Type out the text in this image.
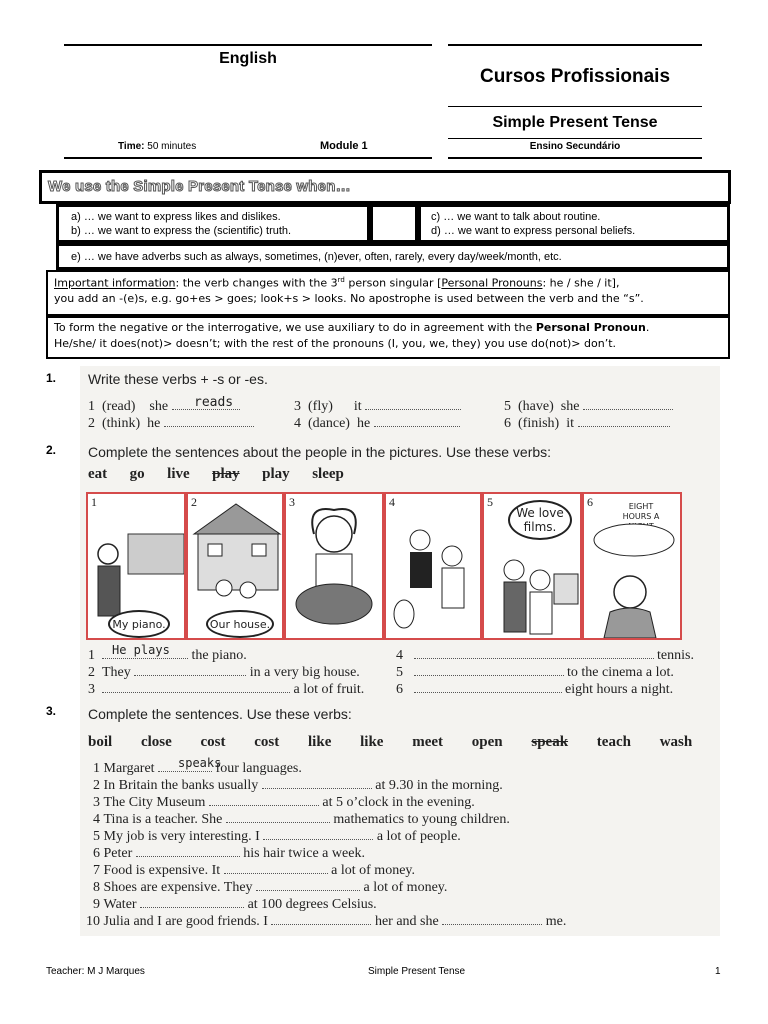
English
Cursos Profissionais
Simple Present Tense
Time: 50 minutes	Module 1	Ensino Secundário
We use the Simple Present Tense when…
a) … we want to express likes and dislikes.
b) … we want to express the (scientific) truth.
c) … we want to talk about routine.
d) … we want to express personal beliefs.
e) … we have adverbs such as always, sometimes, (n)ever, often, rarely, every day/week/month, etc.
Important information: the verb changes with the 3rd person singular [Personal Pronouns: he / she / it],
you add an -(e)s, e.g. go+es > goes; look+s > looks. No apostrophe is used between the verb and the “s”.
To form the negative or the interrogative, we use auxiliary to do in agreement with the Personal Pronoun.
He/she/ it does(not)> doesn’t; with the rest of the pronouns (I, you, we, they) you use do(not)> don’t.
1. Write these verbs + -s or -es.
1 (read) she	reads
2 (think) he
3 (fly) it
4 (dance) he
5 (have) she
6 (finish) it
2. Complete the sentences about the people in the pictures. Use these verbs:
eat go live play play sleep
1
My piano.
2
Our house.
3	4	5
We love films.
6	EIGHT HOURS A
1	the piano.
He plays
2 They	in a very big house.
3	a lot of fruit.
4	tennis.
5	to the cinema a lot.
6	eight hours a night.
3. Complete the sentences. Use these verbs:
boil close cost cost like like meet open speak teach wash
1 Margaret	four languages.
2 In Britain the banks usually	at 9.30 in the morning.
3 The City Museum	at 5 o’clock in the evening.
4 Tina is a teacher. She	mathematics to young children.
5 My job is very interesting. I	a lot of people.
6 Peter	his hair twice a week.
7 Food is expensive. It	a lot of money.
8 Shoes are expensive. They	a lot of money.
9 Water	at 100 degrees Celsius.
10 Julia and I are good friends. I	her and she	me.
speaks
Teacher: M J Marques	Simple Present Tense	1
